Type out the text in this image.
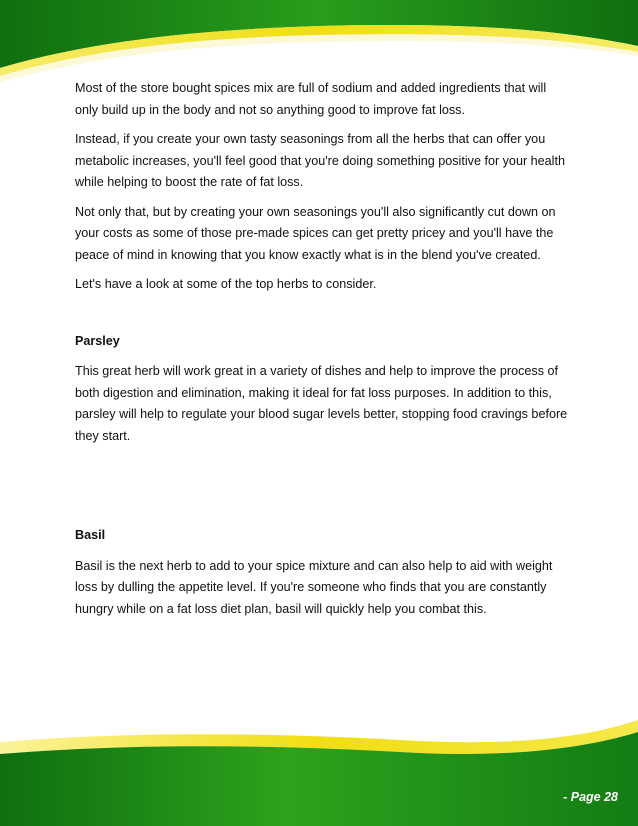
Most of the store bought spices mix are full of sodium and added ingredients that will only build up in the body and not so anything good to improve fat loss.

Instead, if you create your own tasty seasonings from all the herbs that can offer you metabolic increases, you'll feel good that you're doing something positive for your health while helping to boost the rate of fat loss.

Not only that, but by creating your own seasonings you'll also significantly cut down on your costs as some of those pre-made spices can get pretty pricey and you'll have the peace of mind in knowing that you know exactly what is in the blend you've created.

Let's have a look at some of the top herbs to consider.

Parsley

This great herb will work great in a variety of dishes and help to improve the process of both digestion and elimination, making it ideal for fat loss purposes. In addition to this, parsley will help to regulate your blood sugar levels better, stopping food cravings before they start.

Basil

Basil is the next herb to add to your spice mixture and can also help to aid with weight loss by dulling the appetite level. If you're someone who finds that you are constantly hungry while on a fat loss diet plan, basil will quickly help you combat this.

- Page 28
